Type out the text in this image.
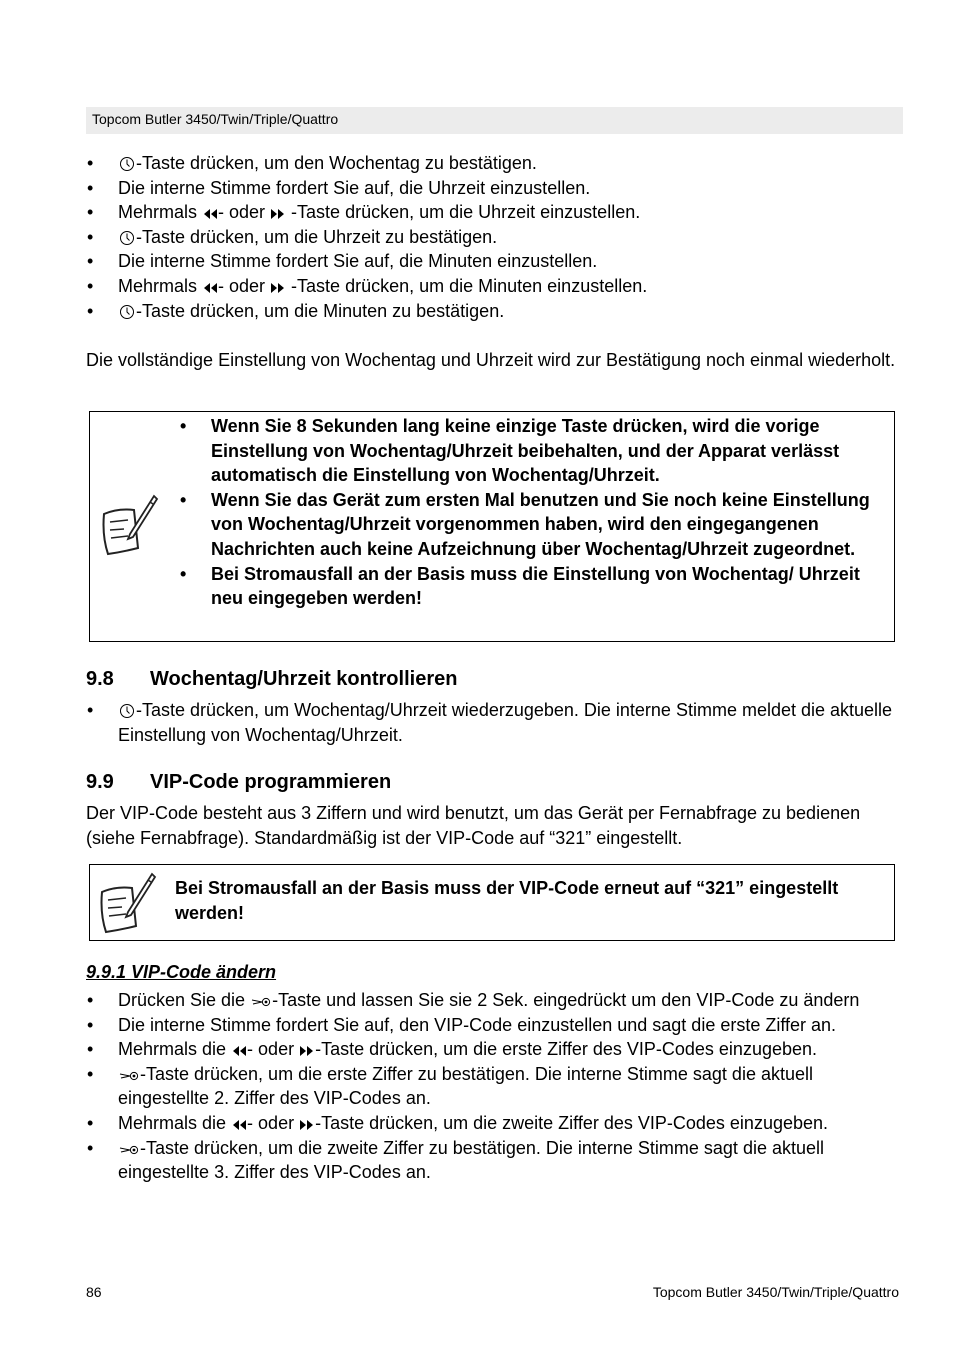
Topcom Butler 3450/Twin/Triple/Quattro
• -Taste drücken, um den Wochentag zu bestätigen.
• Die interne Stimme fordert Sie auf, die Uhrzeit einzustellen.
• Mehrmals
- oder
-Taste drücken, um die Uhrzeit einzustellen.
• -Taste drücken, um die Uhrzeit zu bestätigen.
• Die interne Stimme fordert Sie auf, die Minuten einzustellen.
• Mehrmals
- oder
-Taste drücken, um die Minuten einzustellen.
• -Taste drücken, um die Minuten zu bestätigen.
Die vollständige Einstellung von Wochentag und Uhrzeit wird zur Bestätigung noch einmal wiederholt.
• Wenn Sie 8 Sekunden lang keine einzige Taste drücken, wird die vorige Einstellung von Wochentag/Uhrzeit beibehalten, und der Apparat verlässt automatisch die Einstellung von Wochentag/Uhrzeit.
• Wenn Sie das Gerät zum ersten Mal benutzen und Sie noch keine Einstellung von Wochentag/Uhrzeit vorgenommen haben, wird den eingegangenen Nachrichten auch keine Aufzeichnung über Wochentag/Uhrzeit zugeordnet.
• Bei Stromausfall an der Basis muss die Einstellung von Wochentag/ Uhrzeit neu eingegeben werden!
9.8 Wochentag/Uhrzeit kontrollieren
• -Taste drücken, um Wochentag/Uhrzeit wiederzugeben. Die interne Stimme meldet die aktuelle Einstellung von Wochentag/Uhrzeit.
9.9 VIP-Code programmieren
Der VIP-Code besteht aus 3 Ziffern und wird benutzt, um das Gerät per Fernabfrage zu bedienen (siehe Fernabfrage). Standardmäßig ist der VIP-Code auf “321” eingestellt.
Bei Stromausfall an der Basis muss der VIP-Code erneut auf “321” eingestellt werden!
9.9.1 VIP-Code ändern
• Drücken Sie die
-Taste und lassen Sie sie 2 Sek. eingedrückt um den VIP-Code zu ändern
• Die interne Stimme fordert Sie auf, den VIP-Code einzustellen und sagt die erste Ziffer an.
• Mehrmals die
- oder
-Taste drücken, um die erste Ziffer des VIP-Codes einzugeben.
•	-Taste drücken, um die erste Ziffer zu bestätigen. Die interne Stimme sagt die aktuell eingestellte 2. Ziffer des VIP-Codes an.
• Mehrmals die
- oder
-Taste drücken, um die zweite Ziffer des VIP-Codes einzugeben.
•	-Taste drücken, um die zweite Ziffer zu bestätigen. Die interne Stimme sagt die aktuell eingestellte 3. Ziffer des VIP-Codes an.
86	Topcom Butler 3450/Twin/Triple/Quattro
